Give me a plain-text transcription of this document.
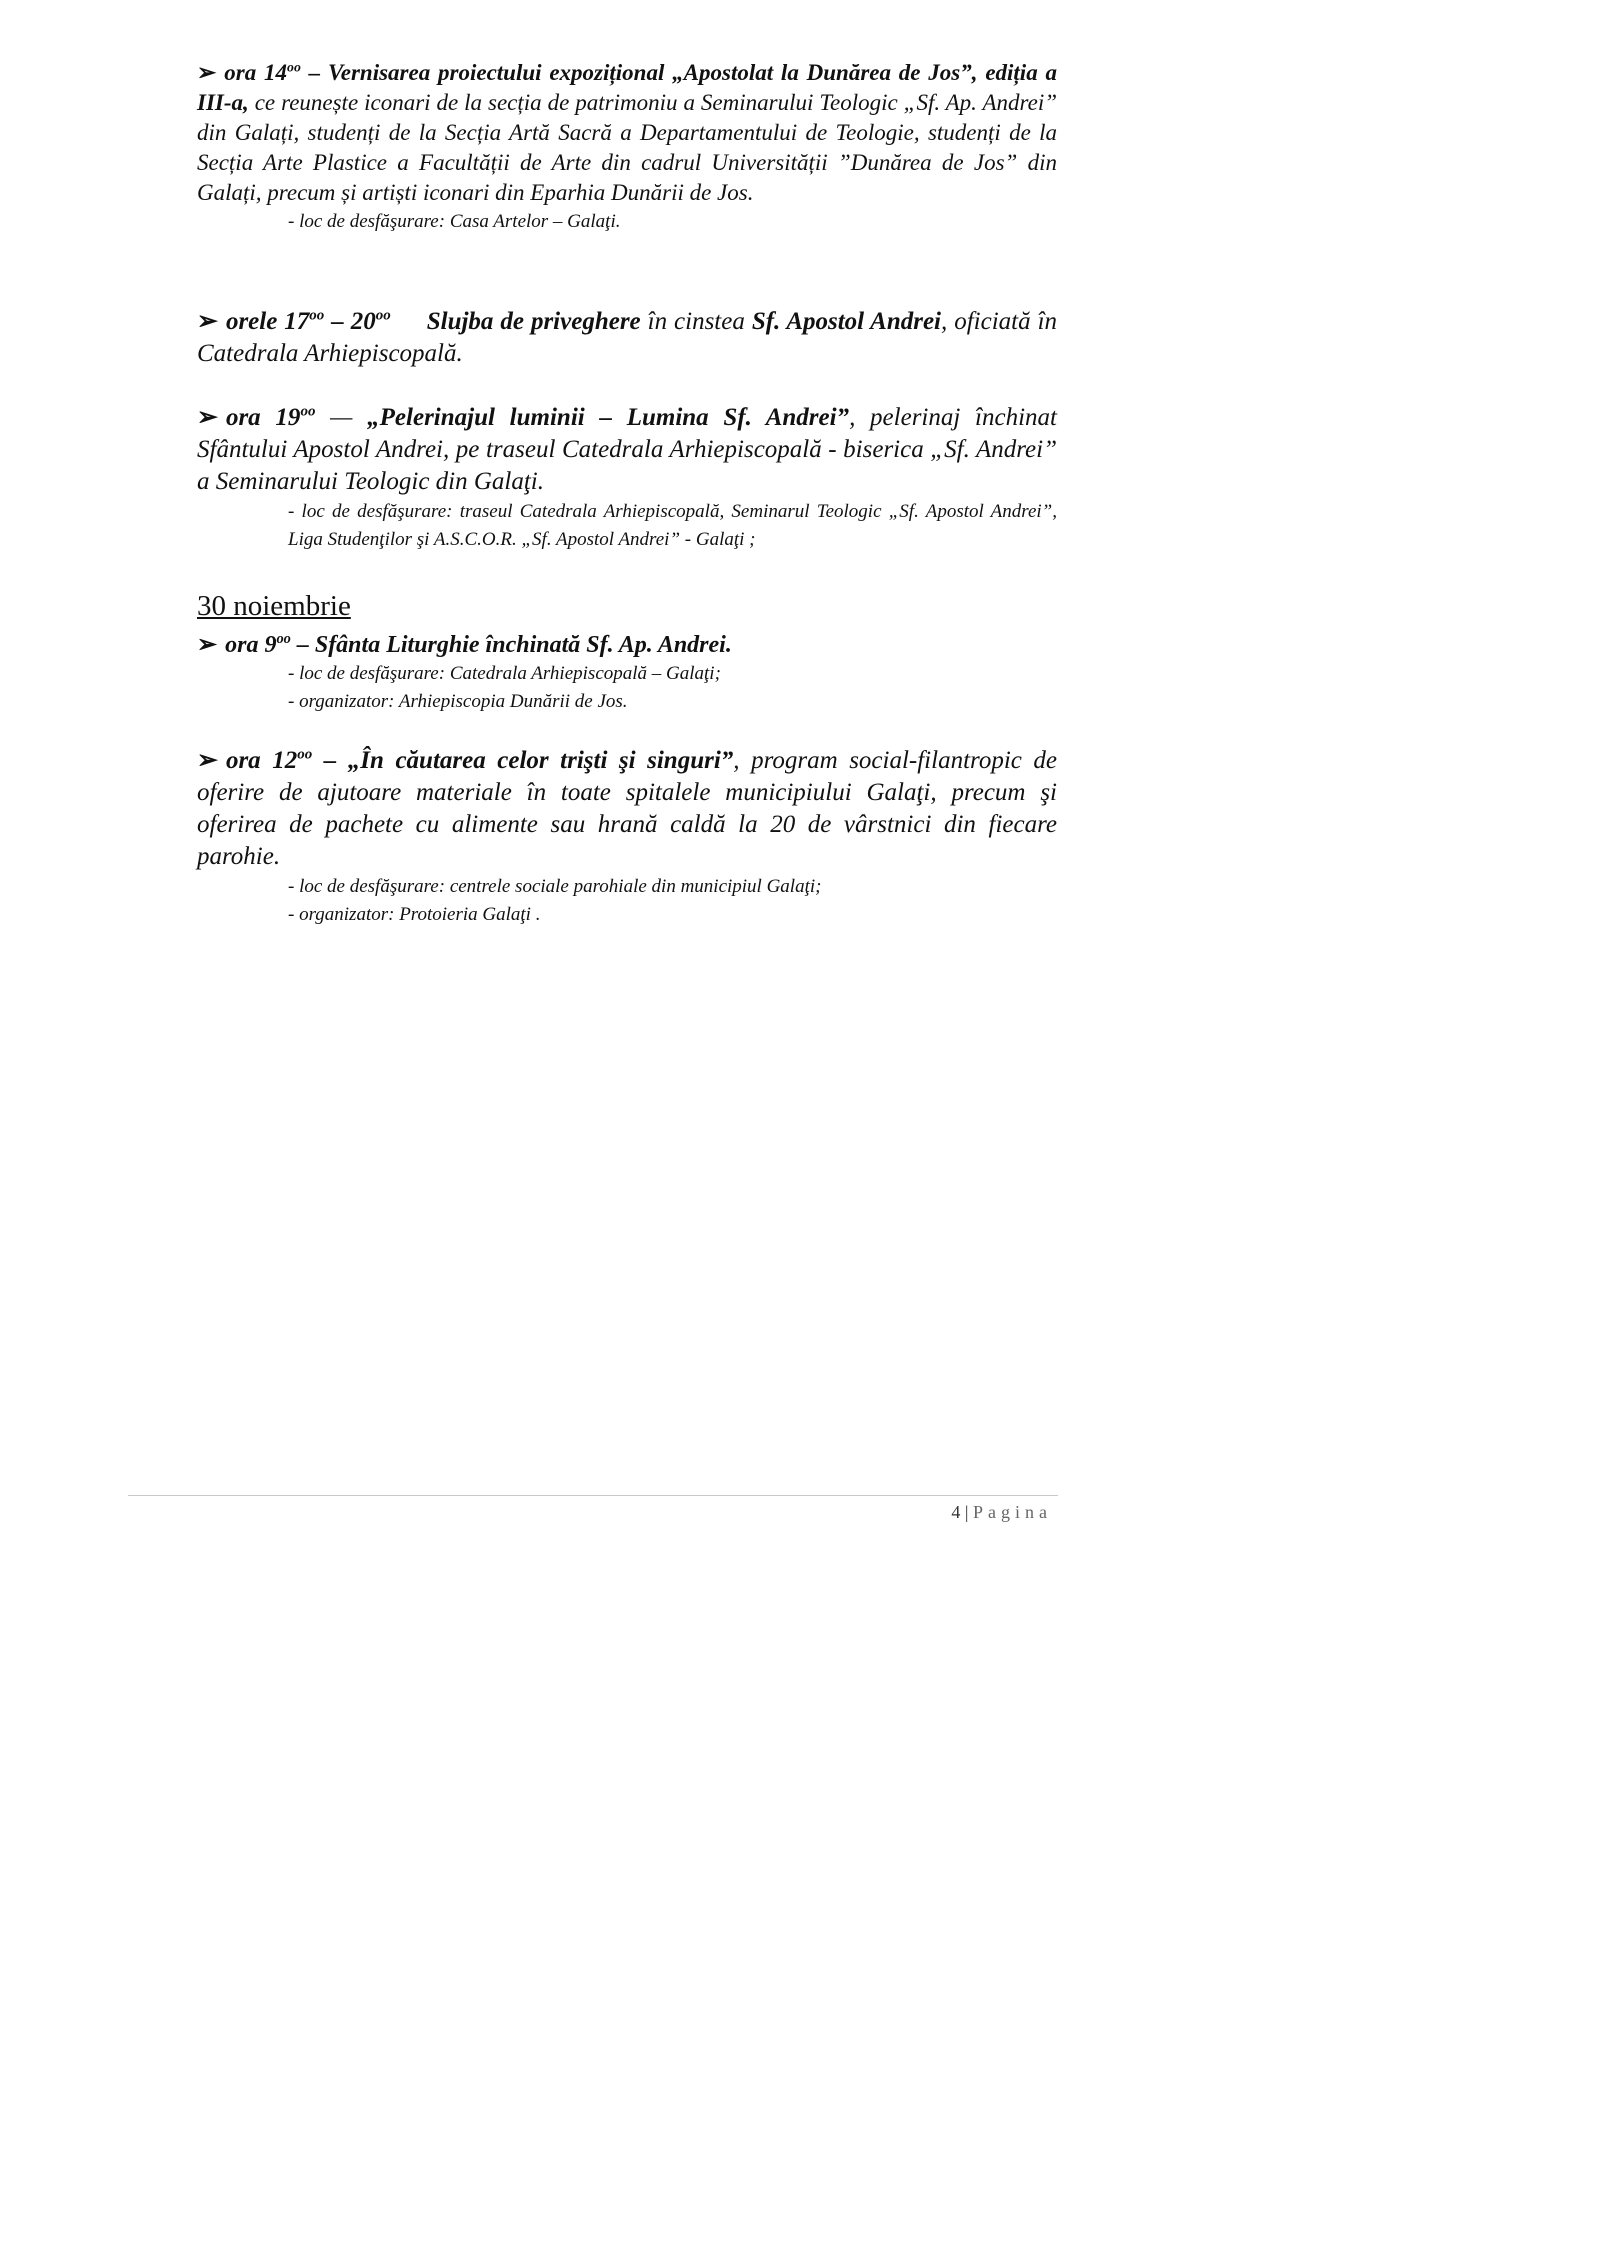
➢ ora $14^{oo}$ – Vernisarea proiectului expozițional „Apostolat la Dunărea de Jos”, ediția a III-a, ce reunește iconari de la secția de patrimoniu a Seminarului Teologic „Sf. Ap. Andrei” din Galați, studenți de la Secția Artă Sacră a Departamentului de Teologie, studenți de la Secția Arte Plastice a Facultății de Arte din cadrul Universității ”Dunărea de Jos” din Galați, precum și artiști iconari din Eparhia Dunării de Jos.

- loc de desfăşurare: Casa Artelor – Galaţi.

➢ orele $17^{oo} - 20^{oo}$ Slujba de priveghere în cinstea Sf. Apostol Andrei, oficiată în Catedrala Arhiepiscopală.

➢ ora $19^{oo}$ — „Pelerinajul luminii – Lumina Sf. Andrei”, pelerinaj închinat Sfântului Apostol Andrei, pe traseul Catedrala Arhiepiscopală - biserica „Sf. Andrei” a Seminarului Teologic din Galaţi.

- loc de desfăşurare: traseul Catedrala Arhiepiscopală, Seminarul Teologic „Sf. Apostol Andrei”, Liga Studenţilor şi A.S.C.O.R. „Sf. Apostol Andrei” - Galaţi ;

30 noiembrie

➢ ora $9^{oo}$ – Sfânta Liturghie închinată Sf. Ap. Andrei.

- loc de desfăşurare: Catedrala Arhiepiscopală – Galaţi;

- organizator: Arhiepiscopia Dunării de Jos.

➢ ora $12^{oo}$ – „În căutarea celor trişti şi singuri”, program social-filantropic de oferire de ajutoare materiale în toate spitalele municipiului Galaţi, precum şi oferirea de pachete cu alimente sau hrană caldă la 20 de vârstnici din fiecare parohie.

- loc de desfăşurare: centrele sociale parohiale din municipiul Galaţi;

- organizator: Protoieria Galaţi .

4 | Pagina
